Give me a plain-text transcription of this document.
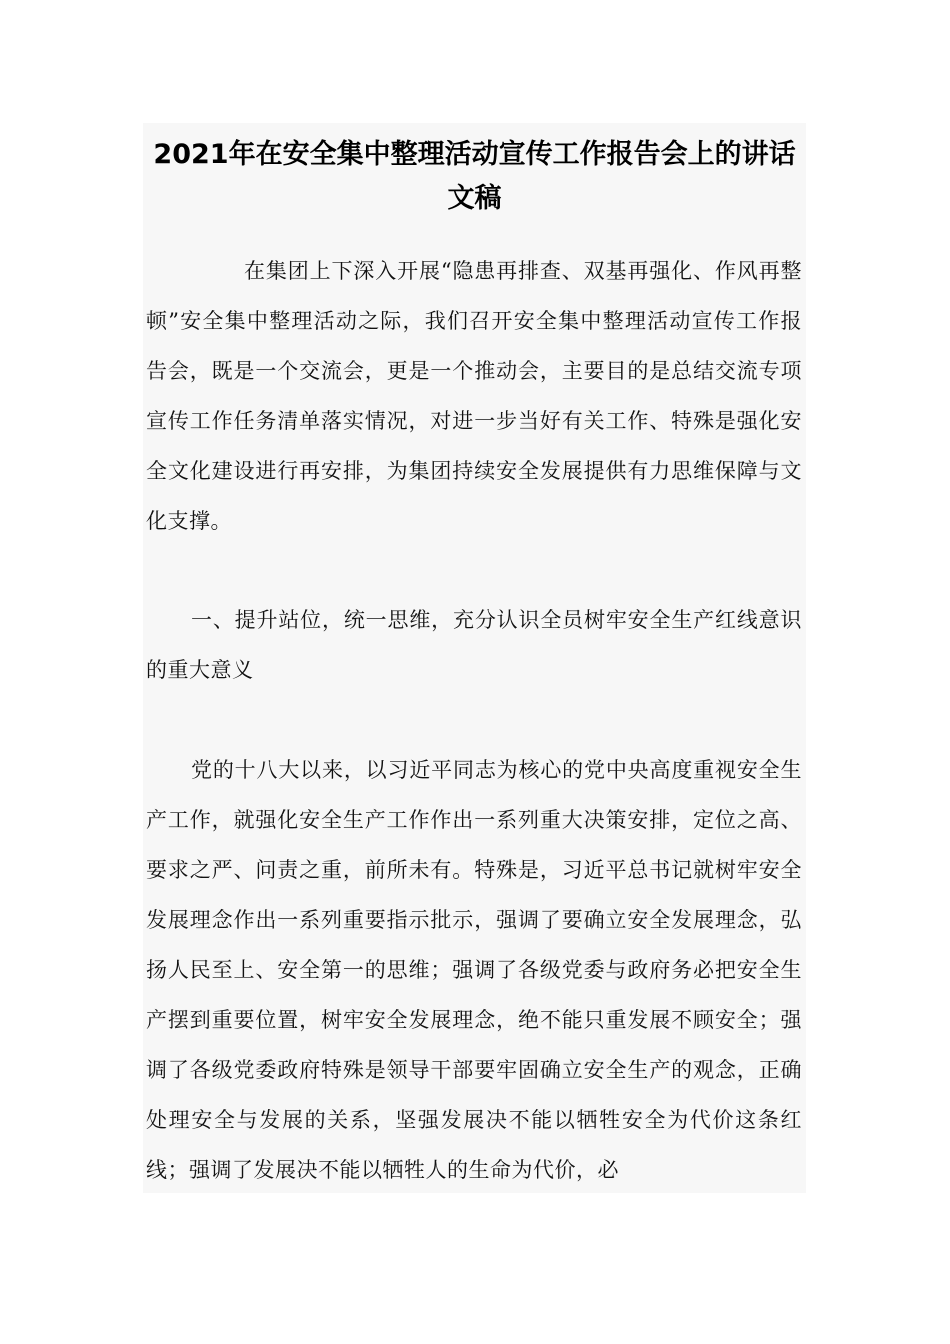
2021年在安全集中整理活动宣传工作报告会上的讲话文稿

在集团上下深入开展“隐患再排查、双基再强化、作风再整顿”安全集中整理活动之际，我们召开安全集中整理活动宣传工作报告会，既是一个交流会，更是一个推动会，主要目的是总结交流专项宣传工作任务清单落实情况，对进一步当好有关工作、特殊是强化安全文化建设进行再安排，为集团持续安全发展提供有力思维保障与文化支撑。

一、提升站位，统一思维，充分认识全员树牢安全生产红线意识的重大意义

党的十八大以来，以习近平同志为核心的党中央高度重视安全生产工作，就强化安全生产工作作出一系列重大决策安排，定位之高、要求之严、问责之重，前所未有。特殊是，习近平总书记就树牢安全发展理念作出一系列重要指示批示，强调了要确立安全发展理念，弘扬人民至上、安全第一的思维；强调了各级党委与政府务必把安全生产摆到重要位置，树牢安全发展理念，绝不能只重发展不顾安全；强调了各级党委政府特殊是领导干部要牢固确立安全生产的观念，正确处理安全与发展的关系，坚强发展决不能以牺牲安全为代价这条红线；强调了发展决不能以牺牲人的生命为代价，必
